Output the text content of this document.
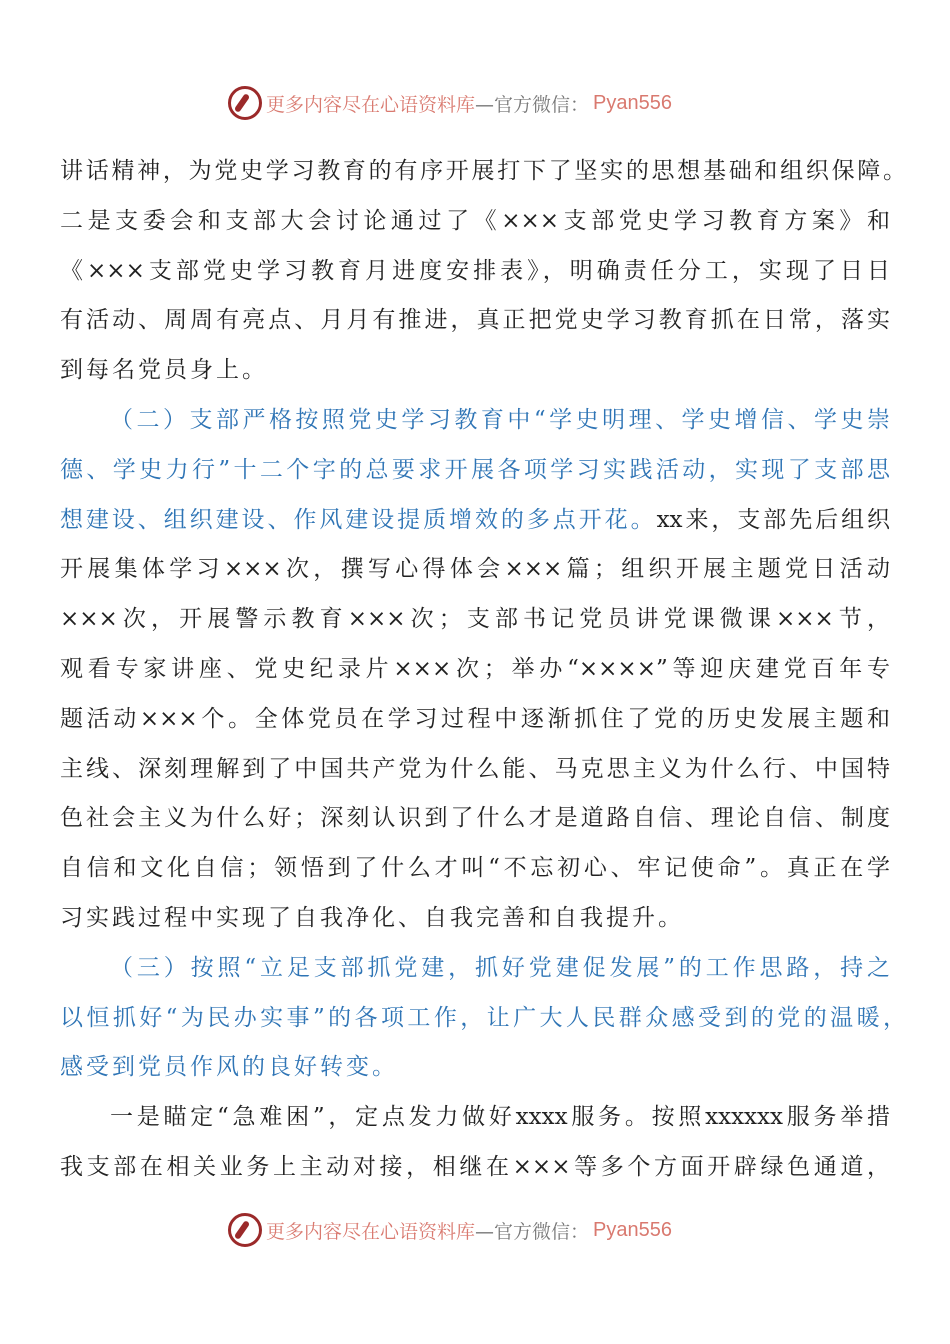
更多内容尽在心语资料库 —官方微信： Pyan556
讲话精神，为党史学习教育的有序开展打下了坚实的思想基础和组织保障。
二是支委会和支部大会讨论通过了《×××支部党史学习教育方案》和
《×××支部党史学习教育月进度安排表》，明确责任分工，实现了日日
有活动、周周有亮点、月月有推进，真正把党史学习教育抓在日常，落实
到每名党员身上。
（二）支部严格按照党史学习教育中“学史明理、学史增信、学史崇
德、学史力行”十二个字的总要求开展各项学习实践活动，实现了支部思
想建设、组织建设、作风建设提质增效的多点开花。xx来，支部先后组织
开展集体学习×××次，撰写心得体会×××篇；组织开展主题党日活动
×××次，开展警示教育×××次；支部书记党员讲党课微课×××节，
观看专家讲座、党史纪录片×××次；举办“××××”等迎庆建党百年专
题活动×××个。全体党员在学习过程中逐渐抓住了党的历史发展主题和
主线、深刻理解到了中国共产党为什么能、马克思主义为什么行、中国特
色社会主义为什么好；深刻认识到了什么才是道路自信、理论自信、制度
自信和文化自信；领悟到了什么才叫“不忘初心、牢记使命”。真正在学
习实践过程中实现了自我净化、自我完善和自我提升。
（三）按照“立足支部抓党建，抓好党建促发展”的工作思路，持之
以恒抓好“为民办实事”的各项工作，让广大人民群众感受到的党的温暖，
感受到党员作风的良好转变。
一是瞄定“急难困”，定点发力做好xxxx服务。按照xxxxxx服务举措
我支部在相关业务上主动对接，相继在×××等多个方面开辟绿色通道，
更多内容尽在心语资料库 —官方微信： Pyan556
